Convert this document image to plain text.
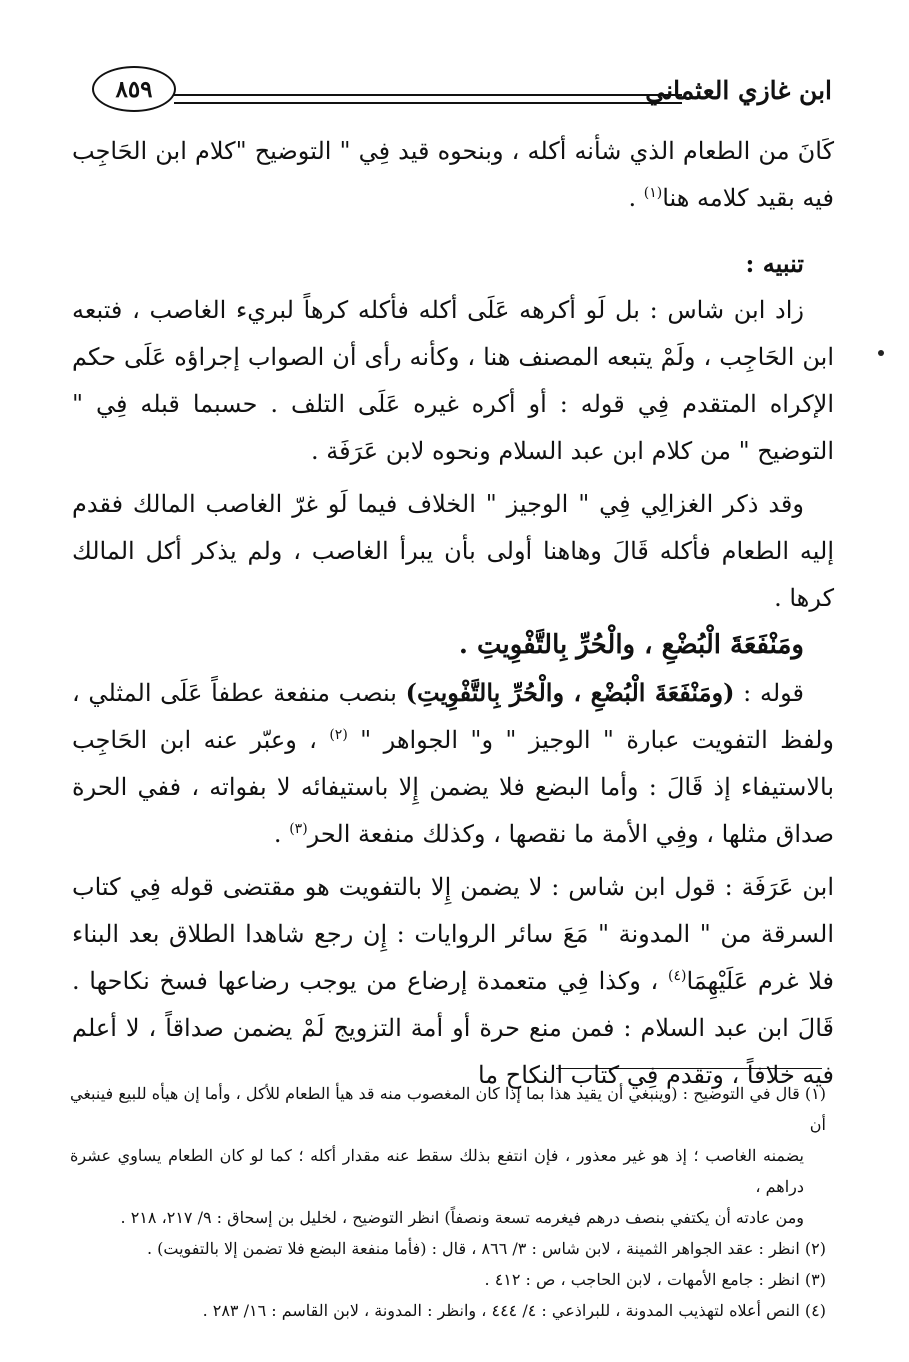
٨٥٩	ابن غازي العثماني

كَانَ من الطعام الذي شأنه أكله ، وبنحوه قيد فِي " التوضيح "كلام ابن الحَاجِب فيه بقيد كلامه هنا$^{(١)}$ .

تنبيه :

زاد ابن شاس : بل لَو أكرهه عَلَى أكله فأكله كرهاً لبريء الغاصب ، فتبعه ابن الحَاجِب ، ولَمْ يتبعه المصنف هنا ، وكأنه رأى أن الصواب إجراؤه عَلَى حكم الإكراه المتقدم فِي قوله : أو أكره غيره عَلَى التلف . حسبما قبله فِي " التوضيح " من كلام ابن عبد السلام ونحوه لابن عَرَفَة .

وقد ذكر الغزالِي فِي " الوجيز " الخلاف فيما لَو غرّ الغاصب المالك فقدم إليه الطعام فأكله قَالَ وهاهنا أولى بأن يبرأ الغاصب ، ولم يذكر أكل المالك كرها .

ومَنْفَعَةَ الْبُضْعِ ، والْحُرِّ بِالتَّفْوِيتِ .

قوله : (ومَنْفَعَةَ الْبُضْعِ ، والْحُرِّ بِالتَّفْوِيتِ) بنصب منفعة عطفاً عَلَى المثلي ، ولفظ التفويت عبارة " الوجيز " و" الجواهر " $^{(٢)}$ ، وعبّر عنه ابن الحَاجِب بالاستيفاء إذ قَالَ : وأما البضع فلا يضمن إِلا باستيفائه لا بفواته ، ففي الحرة صداق مثلها ، وفِي الأمة ما نقصها ، وكذلك منفعة الحر$^{(٣)}$ .

ابن عَرَفَة : قول ابن شاس : لا يضمن إِلا بالتفويت هو مقتضى قوله فِي كتاب السرقة من " المدونة " مَعَ سائر الروايات : إِن رجع شاهدا الطلاق بعد البناء فلا غرم عَلَيْهِمَا$^{(٤)}$ ، وكذا فِي متعمدة إرضاع من يوجب رضاعها فسخ نكاحها . قَالَ ابن عبد السلام : فمن منع حرة أو أمة التزويج لَمْ يضمن صداقاً ، لا أعلم فيه خلافاً ، وتقدم فِي كتاب النكاح ما

(١) قال في التوضيح : (وينبغي أن يقيد هذا بما إذا كان المغصوب منه قد هيأ الطعام للأكل ، وأما إن هيأه للبيع فينبغي أن

يضمنه الغاصب ؛ إذ هو غير معذور ، فإن انتفع بذلك سقط عنه مقدار أكله ؛ كما لو كان الطعام يساوي عشرة دراهم ،

ومن عادته أن يكتفي بنصف درهم فيغرمه تسعة ونصفاً) انظر التوضيح ، لخليل بن إسحاق : ٩/ ٢١٧، ٢١٨ .

(٢) انظر : عقد الجواهر الثمينة ، لابن شاس : ٣/ ٨٦٦ ، قال : (فأما منفعة البضع فلا تضمن إلا بالتفويت) .

(٣) انظر : جامع الأمهات ، لابن الحاجب ، ص : ٤١٢ .

(٤) النص أعلاه لتهذيب المدونة ، للبراذعي : ٤/ ٤٤٤ ، وانظر : المدونة ، لابن القاسم : ١٦/ ٢٨٣ .
